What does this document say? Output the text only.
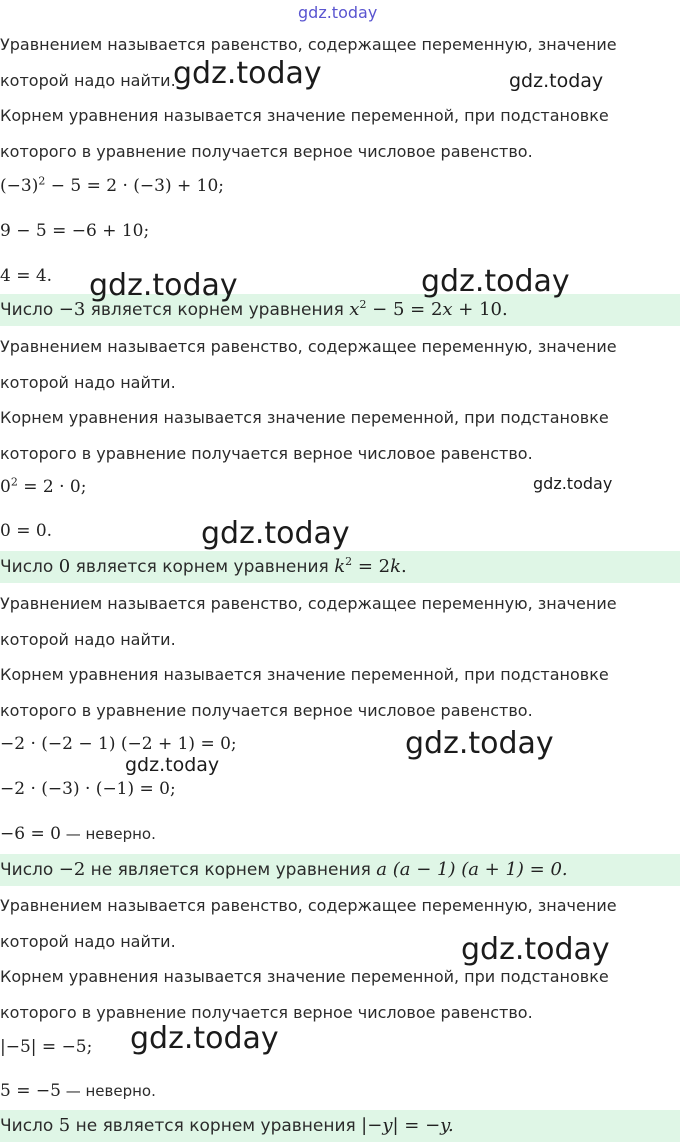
gdz.today
Уравнением называется равенство, содержащее переменную, значение
которой надо найти.
Корнем уравнения называется значение переменной, при подстановке
которого в уравнение получается верное числовое равенство.
$(-3)^2 - 5 = 2 \cdot (-3) + 10$;
9 − 5 = −6 + 10;
4 = 4.
Число −3 является корнем уравнения $x^2 - 5 = 2x + 10$.
Уравнением называется равенство, содержащее переменную, значение
которой надо найти.
Корнем уравнения называется значение переменной, при подстановке
которого в уравнение получается верное числовое равенство.
$0^2 = 2 \cdot 0$;
0 = 0.
Число 0 является корнем уравнения $k^2 = 2k$.
Уравнением называется равенство, содержащее переменную, значение
которой надо найти.
Корнем уравнения называется значение переменной, при подстановке
которого в уравнение получается верное числовое равенство.
−2 · (−2 − 1) (−2 + 1) = 0;
−2 · (−3) · (−1) = 0;
−6 = 0 — неверно.
Число −2 не является корнем уравнения a (a − 1) (a + 1) = 0.
Уравнением называется равенство, содержащее переменную, значение
которой надо найти.
Корнем уравнения называется значение переменной, при подстановке
которого в уравнение получается верное числовое равенство.
|−5| = −5;
5 = −5 — неверно.
Число 5 не является корнем уравнения |−y| = −y.
gdz.today	gdz.today
gdz.today	gdz.today
gdz.today
gdz.today
gdz.today
gdz.today
gdz.today
gdz.today
